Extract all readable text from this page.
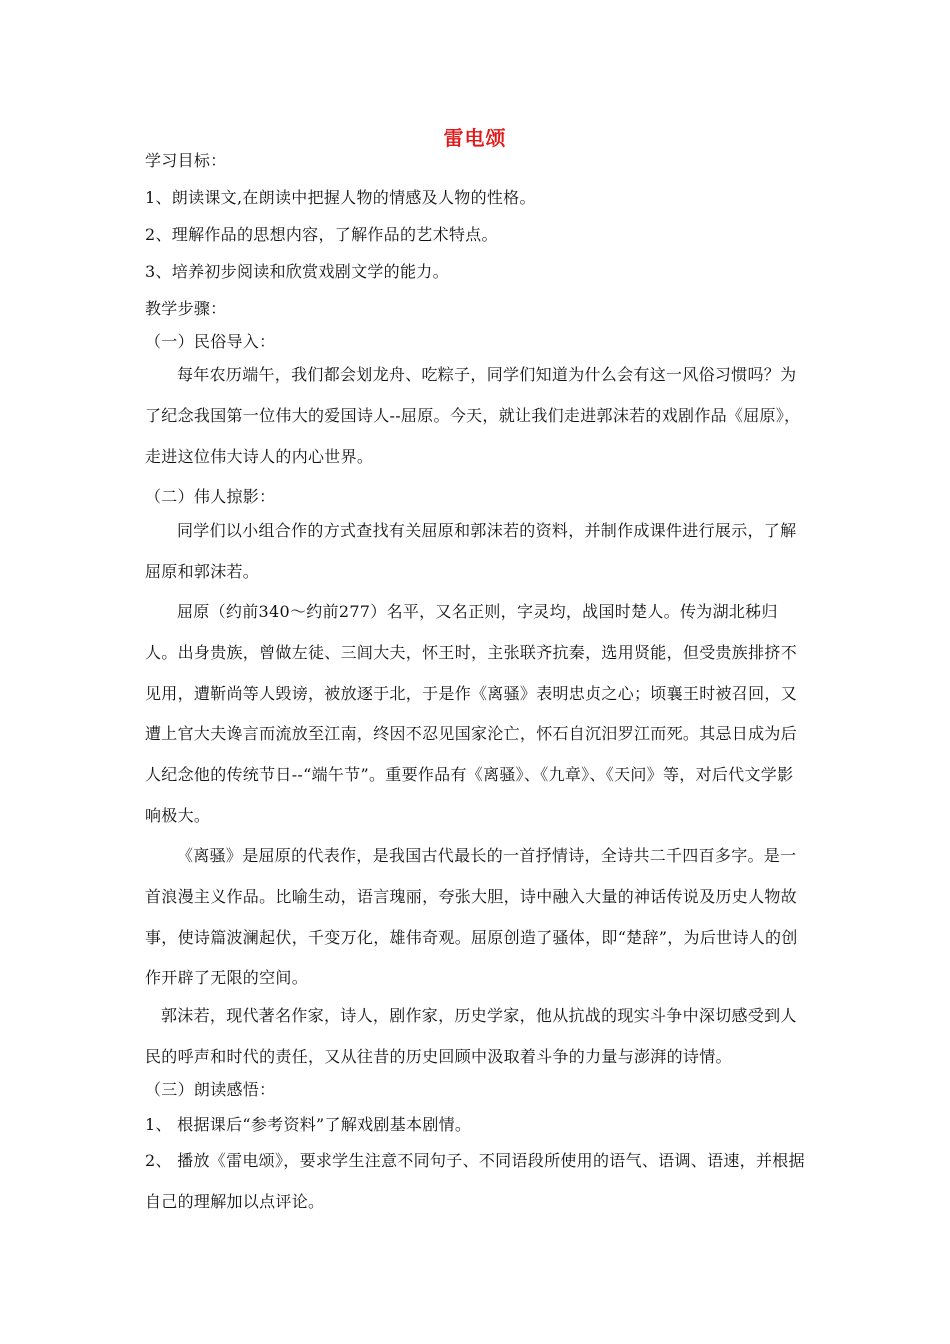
雷电颂
学习目标：
1、朗读课文,在朗读中把握人物的情感及人物的性格。
2、理解作品的思想内容，了解作品的艺术特点。
3、培养初步阅读和欣赏戏剧文学的能力。
教学步骤：
（一）民俗导入：
每年农历端午，我们都会划龙舟、吃粽子，同学们知道为什么会有这一风俗习惯吗？为了纪念我国第一位伟大的爱国诗人--屈原。今天，就让我们走进郭沫若的戏剧作品《屈原》，走进这位伟大诗人的内心世界。
（二）伟人掠影：
同学们以小组合作的方式查找有关屈原和郭沫若的资料，并制作成课件进行展示，了解屈原和郭沫若。
屈原（约前340～约前277）名平，又名正则，字灵均，战国时楚人。传为湖北秭归人。出身贵族，曾做左徒、三闾大夫，怀王时，主张联齐抗秦，选用贤能，但受贵族排挤不见用，遭靳尚等人毁谤，被放逐于北，于是作《离骚》表明忠贞之心；顷襄王时被召回，又遭上官大夫谗言而流放至江南，终因不忍见国家沦亡，怀石自沉汨罗江而死。其忌日成为后人纪念他的传统节日--“端午节”。重要作品有《离骚》、《九章》、《天问》等，对后代文学影响极大。
《离骚》是屈原的代表作，是我国古代最长的一首抒情诗，全诗共二千四百多字。是一首浪漫主义作品。比喻生动，语言瑰丽，夸张大胆，诗中融入大量的神话传说及历史人物故事，使诗篇波澜起伏，千变万化，雄伟奇观。屈原创造了骚体，即“楚辞”，为后世诗人的创作开辟了无限的空间。
郭沫若，现代著名作家，诗人，剧作家，历史学家，他从抗战的现实斗争中深切感受到人民的呼声和时代的责任，又从往昔的历史回顾中汲取着斗争的力量与澎湃的诗情。
（三）朗读感悟：
1、 根据课后“参考资料”了解戏剧基本剧情。
2、 播放《雷电颂》，要求学生注意不同句子、不同语段所使用的语气、语调、语速，并根据自己的理解加以点评论。
